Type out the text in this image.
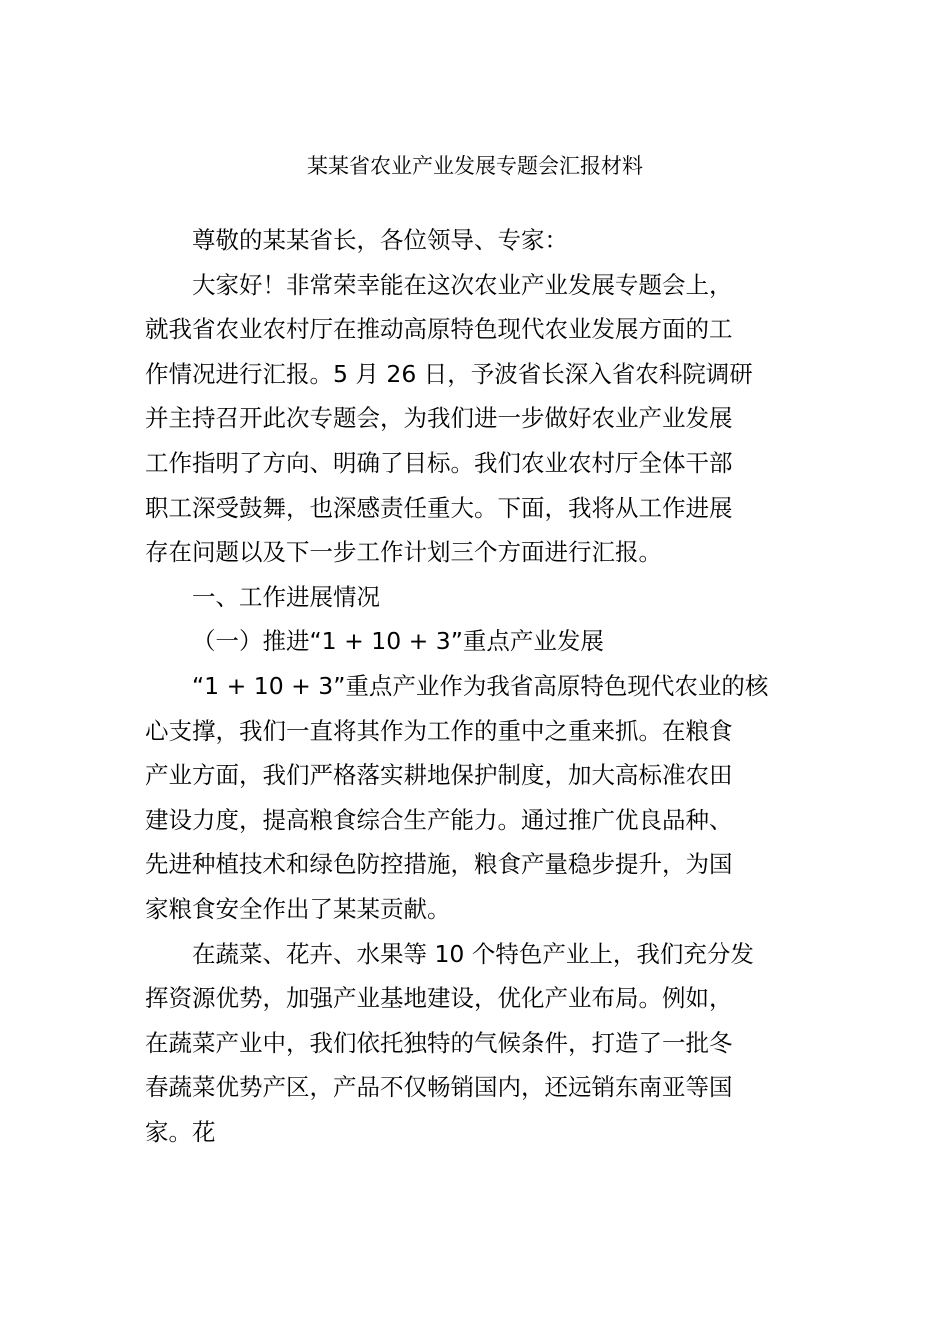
某某省农业产业发展专题会汇报材料
尊敬的某某省长，各位领导、专家：
大家好！非常荣幸能在这次农业产业发展专题会上，
就我省农业农村厅在推动高原特色现代农业发展方面的工
作情况进行汇报。5 月 26 日，予波省长深入省农科院调研
并主持召开此次专题会，为我们进一步做好农业产业发展
工作指明了方向、明确了目标。我们农业农村厅全体干部
职工深受鼓舞，也深感责任重大。下面，我将从工作进展
存在问题以及下一步工作计划三个方面进行汇报。
一、工作进展情况
（一）推进“1 + 10 + 3”重点产业发展
“1 + 10 + 3”重点产业作为我省高原特色现代农业的核
心支撑，我们一直将其作为工作的重中之重来抓。在粮食
产业方面，我们严格落实耕地保护制度，加大高标准农田
建设力度，提高粮食综合生产能力。通过推广优良品种、
先进种植技术和绿色防控措施，粮食产量稳步提升，为国
家粮食安全作出了某某贡献。
在蔬菜、花卉、水果等 10 个特色产业上，我们充分发
挥资源优势，加强产业基地建设，优化产业布局。例如，
在蔬菜产业中，我们依托独特的气候条件，打造了一批冬
春蔬菜优势产区，产品不仅畅销国内，还远销东南亚等国
家。花
